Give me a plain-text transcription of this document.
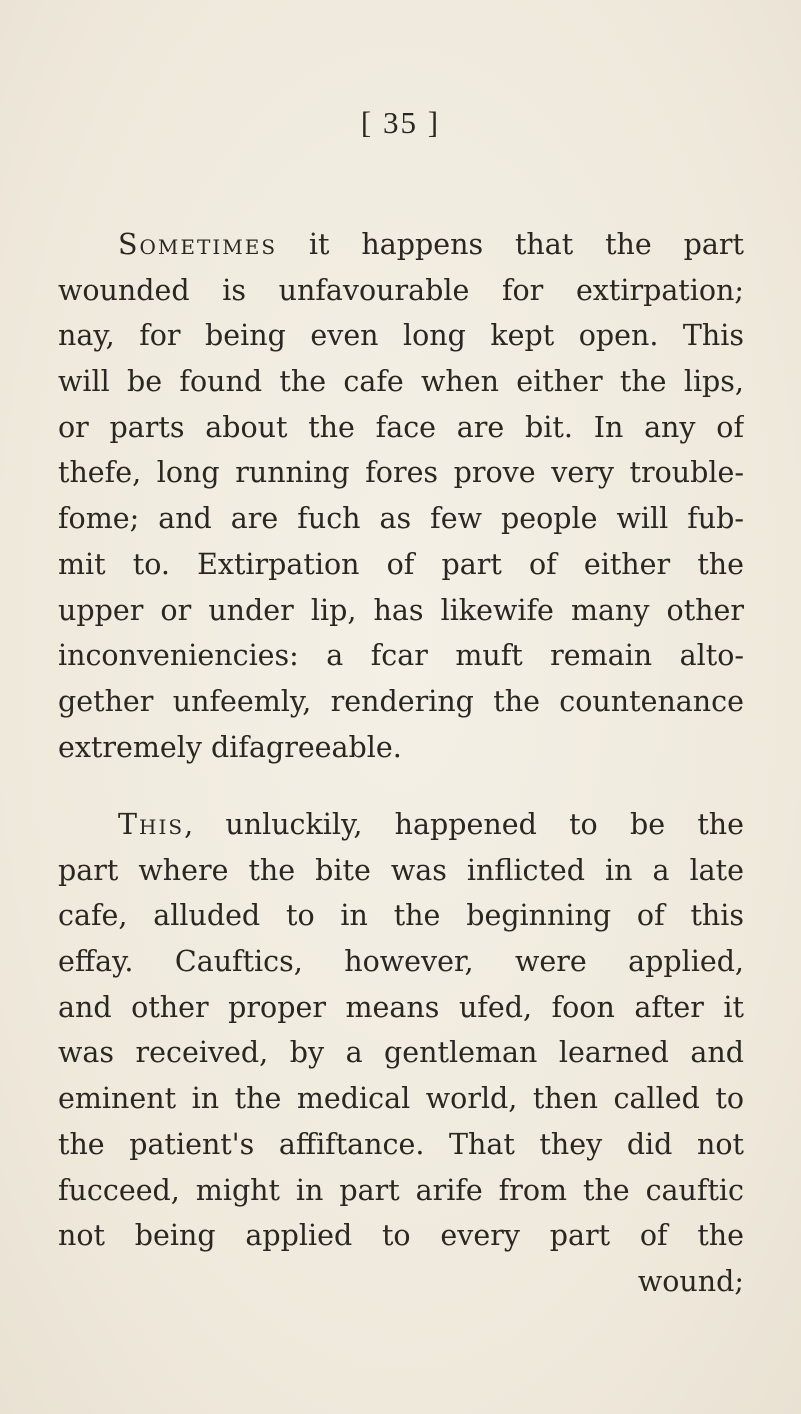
[ 35 ]
Sometimes it happens that the part
wounded is unfavourable for extirpation;
nay, for being even long kept open. This
will be found the cafe when either the lips,
or parts about the face are bit. In any of
thefe, long running fores prove very trouble-
fome; and are fuch as few people will fub-
mit to. Extirpation of part of either the
upper or under lip, has likewife many other
inconveniencies: a fcar muft remain alto-
gether unfeemly, rendering the countenance
extremely difagreeable.
This, unluckily, happened to be the
part where the bite was inflicted in a late
cafe, alluded to in the beginning of this
effay. Cauftics, however, were applied,
and other proper means ufed, foon after it
was received, by a gentleman learned and
eminent in the medical world, then called to
the patient's affiftance. That they did not
fucceed, might in part arife from the cauftic
not being applied to every part of the
wound;
